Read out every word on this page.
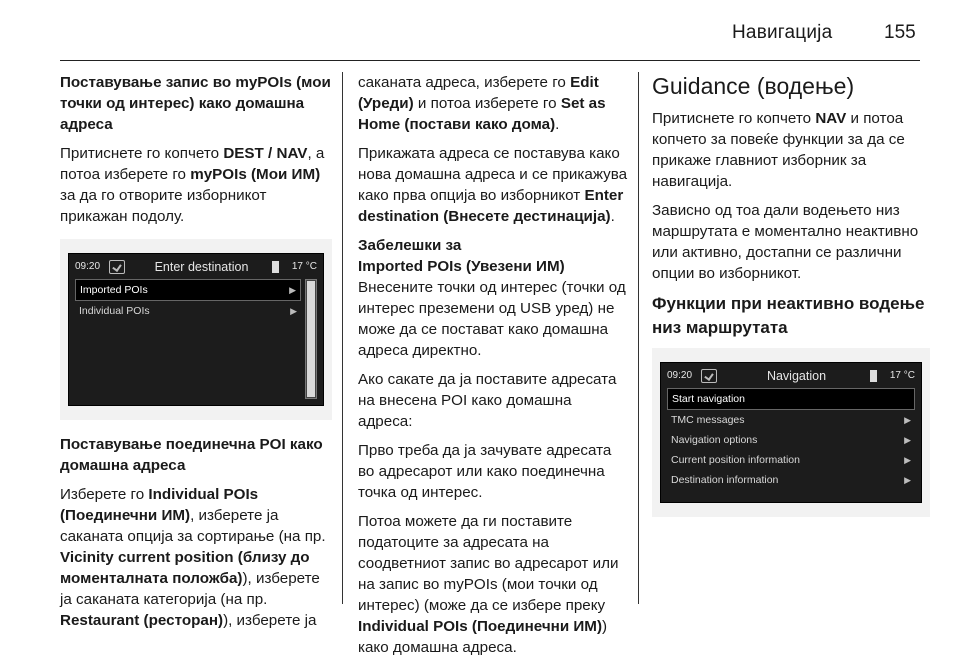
Навигација	155

Поставување запис во myPOIs (мои точки од интерес) како домашна адреса

Притиснете го копчето DEST / NAV, а потоа изберете го myPOIs (Мои ИМ) за да го отворите изборникот прикажан подолу.

09:20	Enter destination	17 °C
Imported POIs	▶
Individual POIs	▶

Поставување поединечна POI како домашна адреса

Изберете го Individual POIs (Поединечни ИМ), изберете ја саканата опција за сортирање (на пр. Vicinity current position (близу до моменталната положба)), изберете ја саканата категорија (на пр. Restaurant (ресторан)), изберете ја

саканата адреса, изберете го Edit (Уреди) и потоа изберете го Set as Home (постави како дома).

Прикажата адреса се поставува како нова домашна адреса и се прикажува како прва опција во изборникот Enter destination (Внесете дестинација).

Забелешки за
Imported POIs (Увезени ИМ)

Внесените точки од интерес (точки од интерес преземени од USB уред) не може да се постават како домашна адреса директно.

Ако сакате да ја поставите адресата на внесена POI како домашна адреса:

Прво треба да ја зачувате адресата во адресарот или како поединечна точка од интерес.

Потоа можете да ги поставите податоците за адресата на соодветниот запис во адресарот или на запис во myPOIs (мои точки од интерес) (може да се избере преку Individual POIs (Поединечни ИМ)) како домашна адреса.

Guidance (водење)

Притиснете го копчето NAV и потоа копчето за повеќе функции за да се прикаже главниот изборник за навигација.

Зависно од тоа дали водењето низ маршрутата е моментално неактивно или активно, достапни се различни опции во изборникот.

Функции при неактивно водење низ маршрутата

09:20	Navigation	17 °C
Start navigation
TMC messages	▶
Navigation options	▶
Current position information	▶
Destination information	▶
